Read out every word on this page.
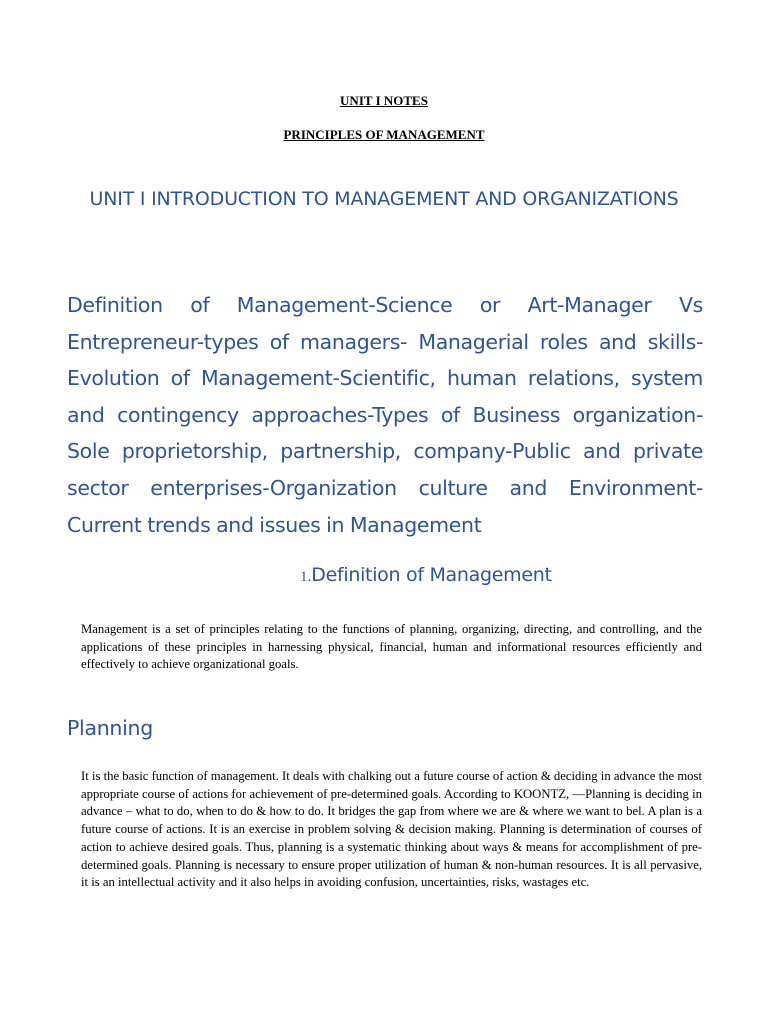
UNIT I NOTES

PRINCIPLES OF MANAGEMENT

UNIT I INTRODUCTION TO MANAGEMENT AND ORGANIZATIONS

Definition of Management-Science or Art-Manager Vs Entrepreneur-types of managers- Managerial roles and skills-Evolution of Management-Scientific, human relations, system and contingency approaches-Types of Business organization-Sole proprietorship, partnership, company-Public and private sector enterprises-Organization culture and Environment-Current trends and issues in Management

1.Definition of Management

Management is a set of principles relating to the functions of planning, organizing, directing, and controlling, and the applications of these principles in harnessing physical, financial, human and informational resources efficiently and effectively to achieve organizational goals.

Planning

It is the basic function of management. It deals with chalking out a future course of action & deciding in advance the most appropriate course of actions for achievement of pre-determined goals. According to KOONTZ, —Planning is deciding in advance – what to do, when to do & how to do. It bridges the gap from where we are & where we want to bel. A plan is a future course of actions. It is an exercise in problem solving & decision making. Planning is determination of courses of action to achieve desired goals. Thus, planning is a systematic thinking about ways & means for accomplishment of pre-determined goals. Planning is necessary to ensure proper utilization of human & non-human resources. It is all pervasive, it is an intellectual activity and it also helps in avoiding confusion, uncertainties, risks, wastages etc.
